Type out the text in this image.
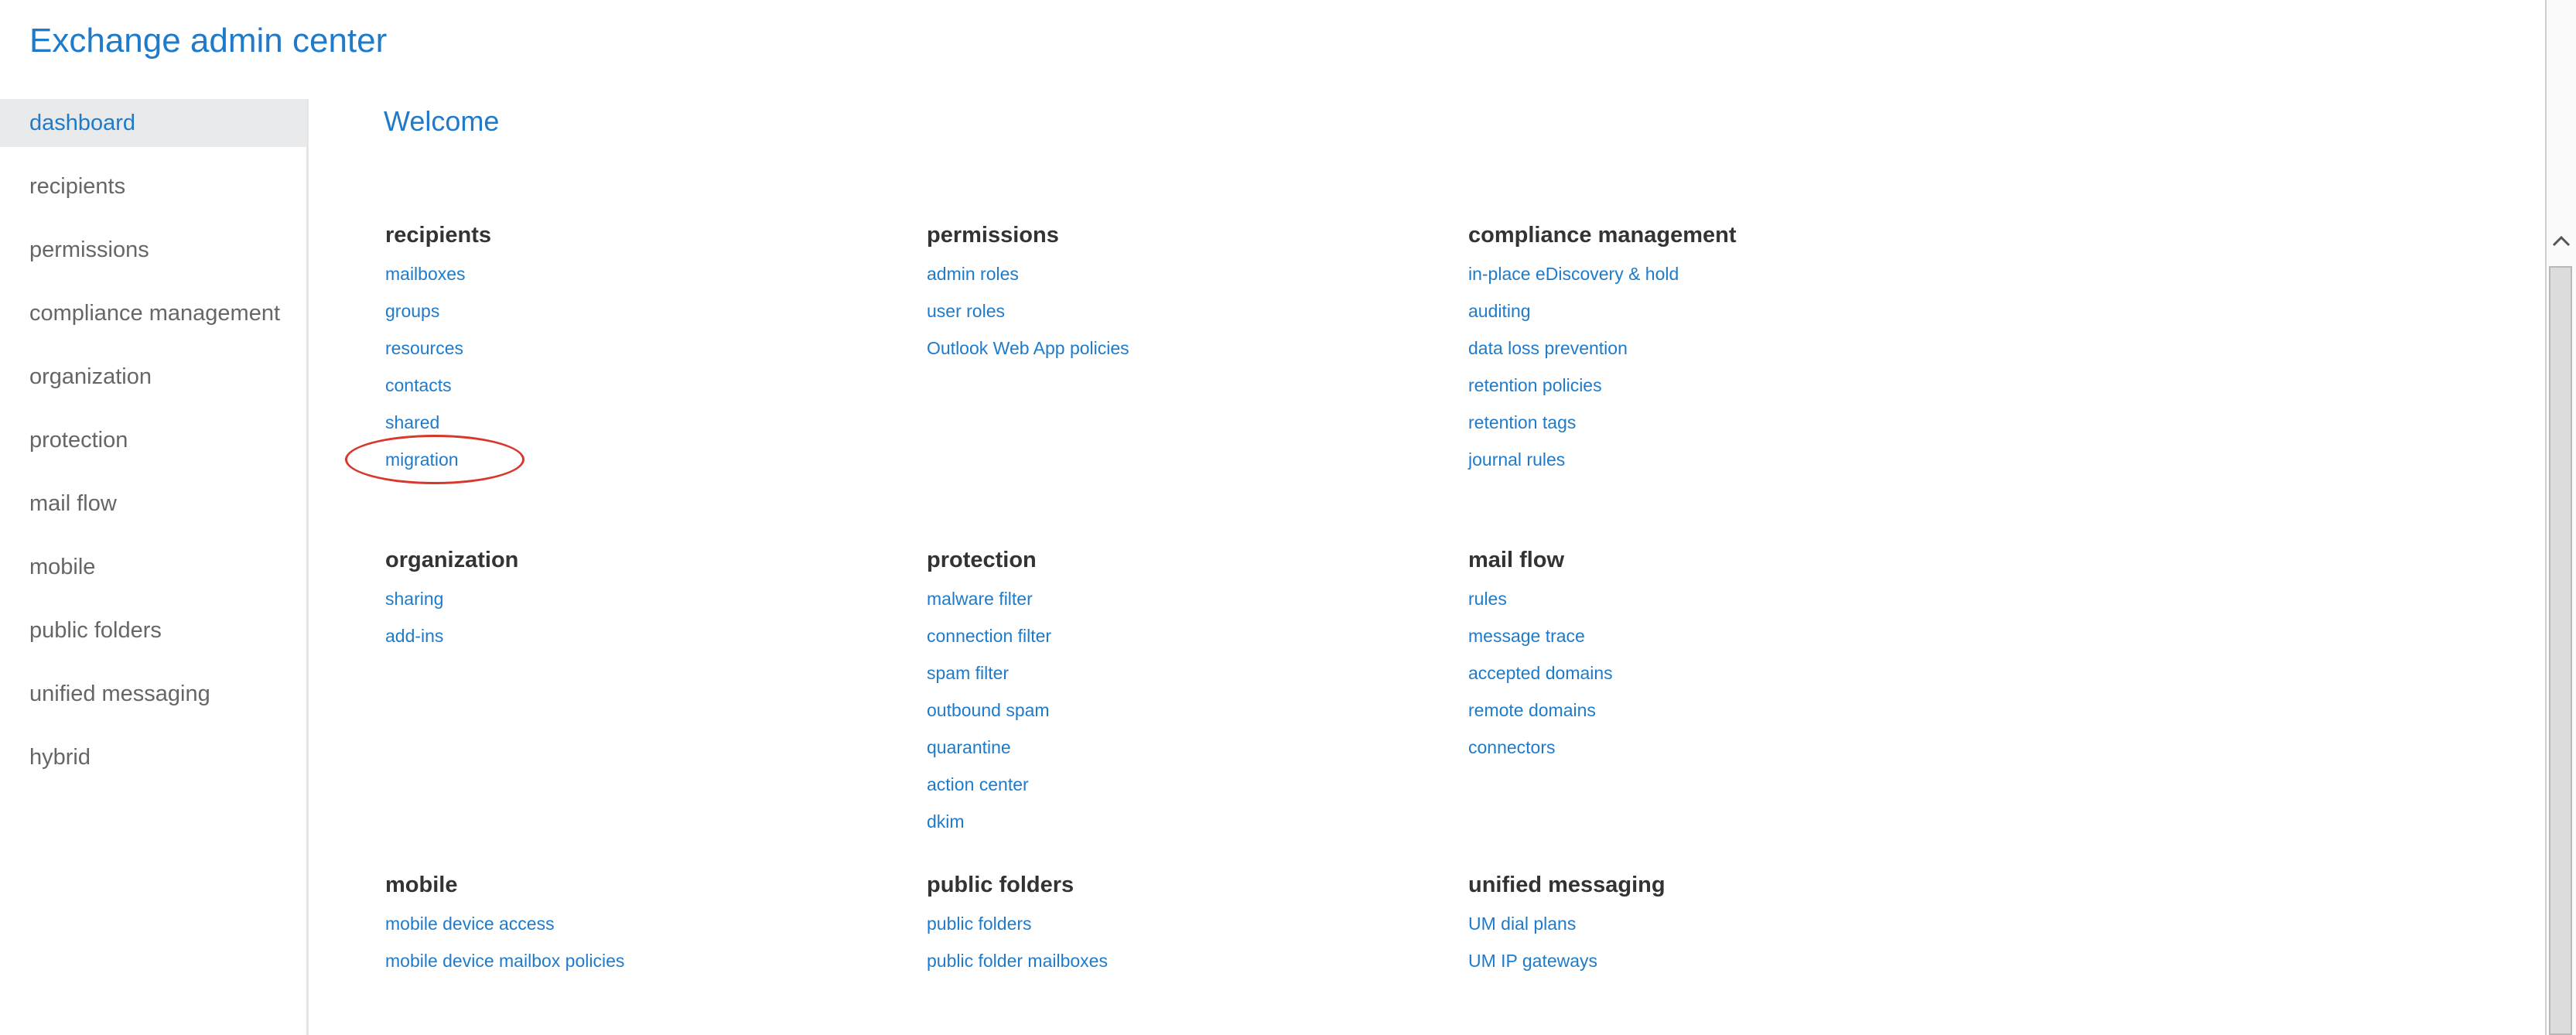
Exchange admin center
dashboard
recipients
permissions
compliance management
organization
protection
mail flow
mobile
public folders
unified messaging
hybrid
Welcome
recipients
mailboxes
groups
resources
contacts
shared
migration
permissions
admin roles
user roles
Outlook Web App policies
compliance management
in-place eDiscovery & hold
auditing
data loss prevention
retention policies
retention tags
journal rules
organization
sharing
add-ins
protection
malware filter
connection filter
spam filter
outbound spam
quarantine
action center
dkim
mail flow
rules
message trace
accepted domains
remote domains
connectors
mobile
mobile device access
mobile device mailbox policies
public folders
public folders
public folder mailboxes
unified messaging
UM dial plans
UM IP gateways
